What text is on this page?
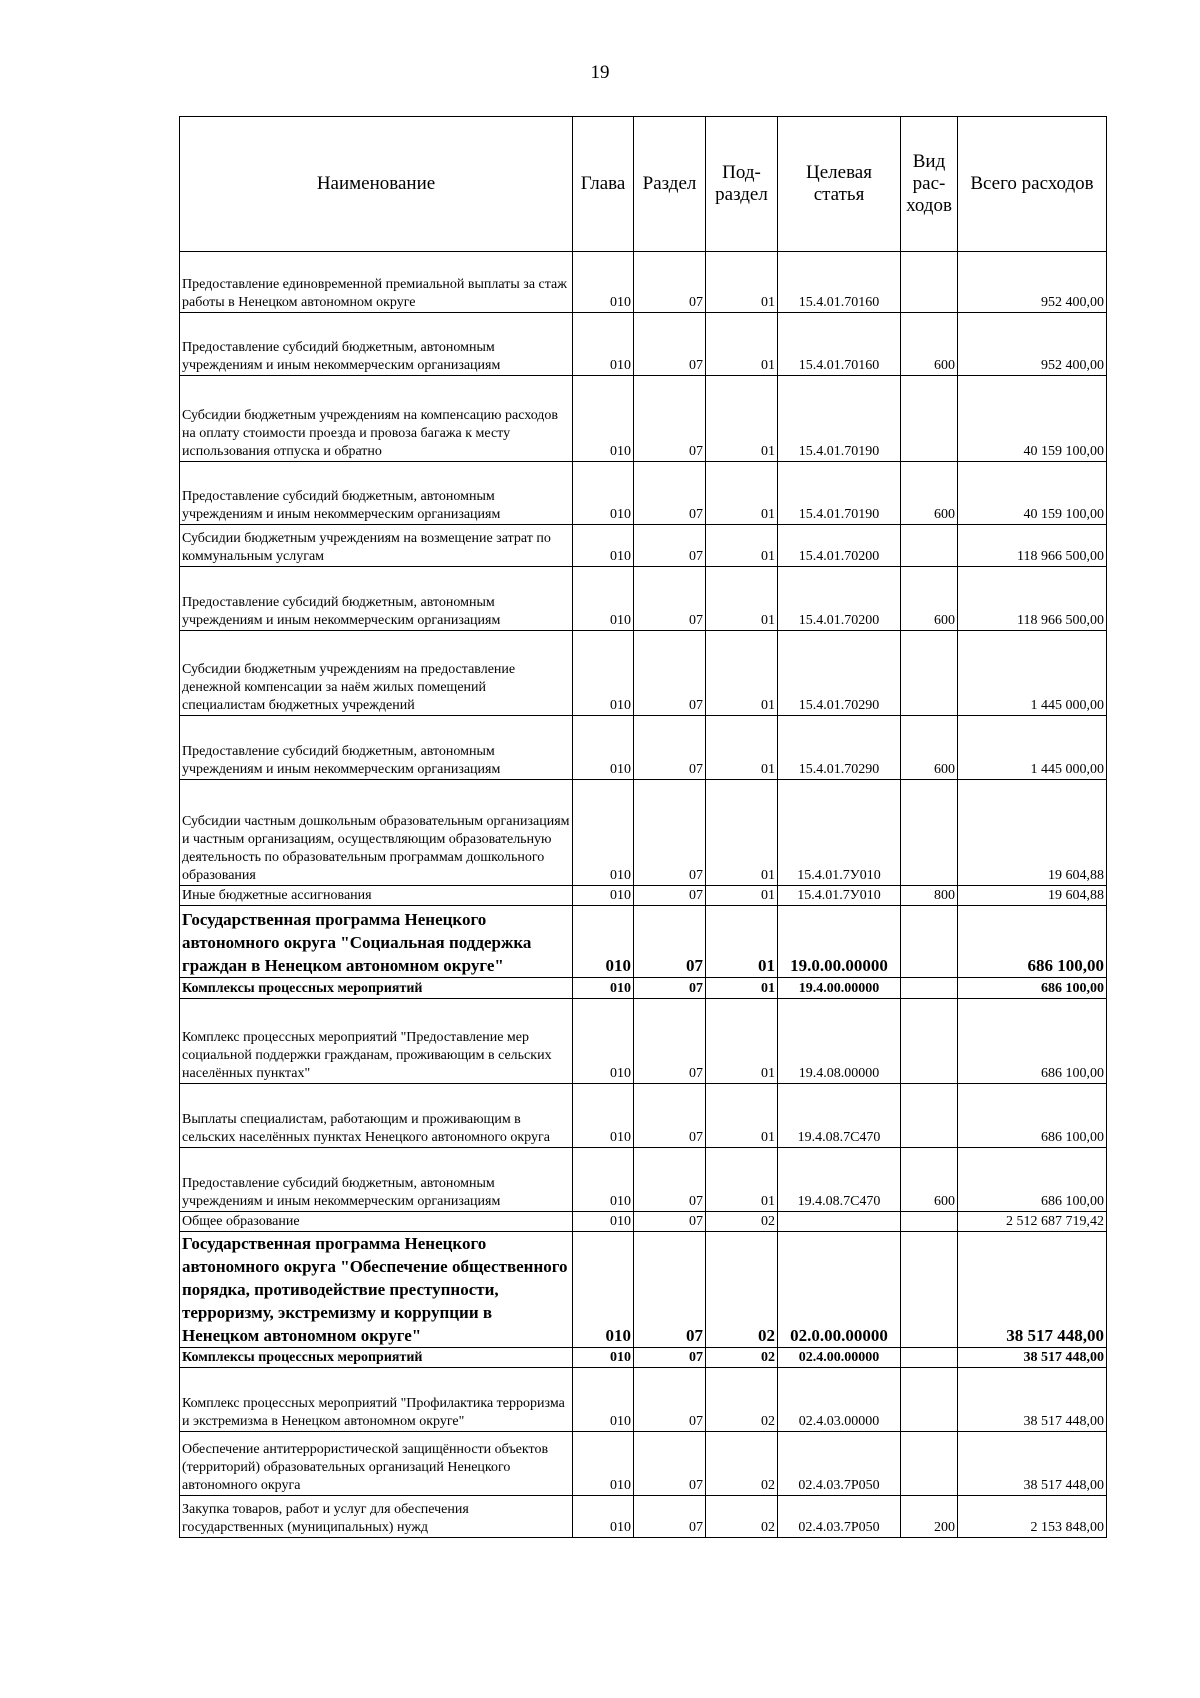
19
Наименование	Глава	Раздел	Под-раздел	Целевая статья	Вид рас-ходов	Всего расходов
Предоставление единовременной премиальной выплаты за стаж работы в Ненецком автономном округе	010	07	01	15.4.01.70160		952 400,00
Предоставление субсидий бюджетным, автономным учреждениям и иным некоммерческим организациям	010	07	01	15.4.01.70160	600	952 400,00
Субсидии бюджетным учреждениям на компенсацию расходов на оплату стоимости проезда и провоза багажа к месту использования отпуска и обратно	010	07	01	15.4.01.70190		40 159 100,00
Предоставление субсидий бюджетным, автономным учреждениям и иным некоммерческим организациям	010	07	01	15.4.01.70190	600	40 159 100,00
Субсидии бюджетным учреждениям на возмещение затрат по коммунальным услугам	010	07	01	15.4.01.70200		118 966 500,00
Предоставление субсидий бюджетным, автономным учреждениям и иным некоммерческим организациям	010	07	01	15.4.01.70200	600	118 966 500,00
Субсидии бюджетным учреждениям на предоставление денежной компенсации за наём жилых помещений специалистам бюджетных учреждений	010	07	01	15.4.01.70290		1 445 000,00
Предоставление субсидий бюджетным, автономным учреждениям и иным некоммерческим организациям	010	07	01	15.4.01.70290	600	1 445 000,00
Субсидии частным дошкольным образовательным организациям и частным организациям, осуществляющим образовательную деятельность по образовательным программам дошкольного образования	010	07	01	15.4.01.7У010		19 604,88
Иные бюджетные ассигнования	010	07	01	15.4.01.7У010	800	19 604,88
Государственная программа Ненецкого автономного округа "Социальная поддержка граждан в Ненецком автономном округе"	010	07	01	19.0.00.00000		686 100,00
Комплексы процессных мероприятий	010	07	01	19.4.00.00000		686 100,00
Комплекс процессных мероприятий "Предоставление мер социальной поддержки гражданам, проживающим в сельских населённых пунктах"	010	07	01	19.4.08.00000		686 100,00
Выплаты специалистам, работающим и проживающим в сельских населённых пунктах Ненецкого автономного округа	010	07	01	19.4.08.7С470		686 100,00
Предоставление субсидий бюджетным, автономным учреждениям и иным некоммерческим организациям	010	07	01	19.4.08.7С470	600	686 100,00
Общее образование	010	07	02			2 512 687 719,42
Государственная программа Ненецкого автономного округа "Обеспечение общественного порядка, противодействие преступности, терроризму, экстремизму и коррупции в Ненецком автономном округе"	010	07	02	02.0.00.00000		38 517 448,00
Комплексы процессных мероприятий	010	07	02	02.4.00.00000		38 517 448,00
Комплекс процессных мероприятий "Профилактика терроризма и экстремизма в Ненецком автономном округе"	010	07	02	02.4.03.00000		38 517 448,00
Обеспечение антитеррористической защищённости объектов (территорий) образовательных организаций Ненецкого автономного округа	010	07	02	02.4.03.7Р050		38 517 448,00
Закупка товаров, работ и услуг для обеспечения государственных (муниципальных) нужд	010	07	02	02.4.03.7Р050	200	2 153 848,00
